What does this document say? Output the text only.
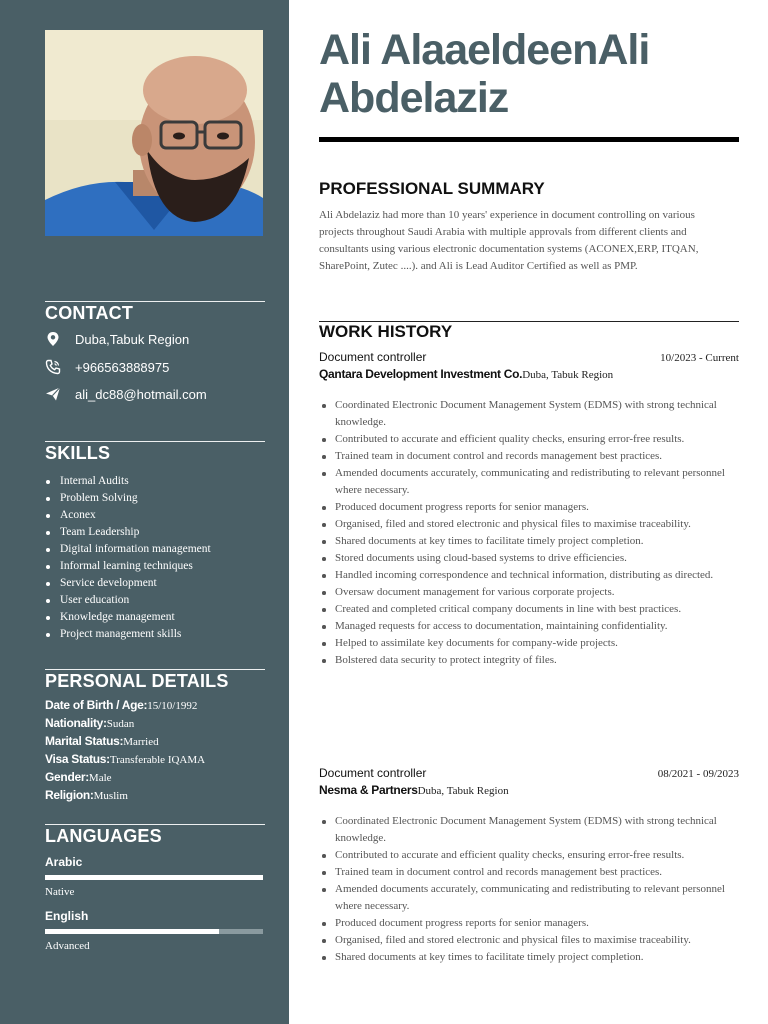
CONTACT
Duba,Tabuk Region
+966563888975
ali_dc88@hotmail.com
SKILLS
Internal Audits
Problem Solving
Aconex
Team Leadership
Digital information management
Informal learning techniques
Service development
User education
Knowledge management
Project management skills
PERSONAL DETAILS
Date of Birth / Age:15/10/1992
Nationality:Sudan
Marital Status:Married
Visa Status:Transferable IQAMA
Gender:Male
Religion:Muslim
LANGUAGES
Arabic
Native
English
Advanced
Ali AlaaeldeenAli Abdelaziz
PROFESSIONAL SUMMARY

Ali Abdelaziz had more than 10 years' experience in document controlling on various projects throughout Saudi Arabia with multiple approvals from different clients and consultants using various electronic documentation systems (ACONEX,ERP, ITQAN, SharePoint, Zutec ....). and Ali is Lead Auditor Certified as well as PMP.

WORK HISTORY
Document controller	10/2023 - Current
Qantara Development Investment Co.Duba, Tabuk Region
Coordinated Electronic Document Management System (EDMS) with strong technical knowledge.
Contributed to accurate and efficient quality checks, ensuring error-free results.
Trained team in document control and records management best practices.
Amended documents accurately, communicating and redistributing to relevant personnel where necessary.
Produced document progress reports for senior managers.
Organised, filed and stored electronic and physical files to maximise traceability.
Shared documents at key times to facilitate timely project completion.
Stored documents using cloud-based systems to drive efficiencies.
Handled incoming correspondence and technical information, distributing as directed.
Oversaw document management for various corporate projects.
Created and completed critical company documents in line with best practices.
Managed requests for access to documentation, maintaining confidentiality.
Helped to assimilate key documents for company-wide projects.
Bolstered data security to protect integrity of files.
Document controller	08/2021 - 09/2023
Nesma & PartnersDuba, Tabuk Region
Coordinated Electronic Document Management System (EDMS) with strong technical knowledge.
Contributed to accurate and efficient quality checks, ensuring error-free results.
Trained team in document control and records management best practices.
Amended documents accurately, communicating and redistributing to relevant personnel where necessary.
Produced document progress reports for senior managers.
Organised, filed and stored electronic and physical files to maximise traceability.
Shared documents at key times to facilitate timely project completion.
